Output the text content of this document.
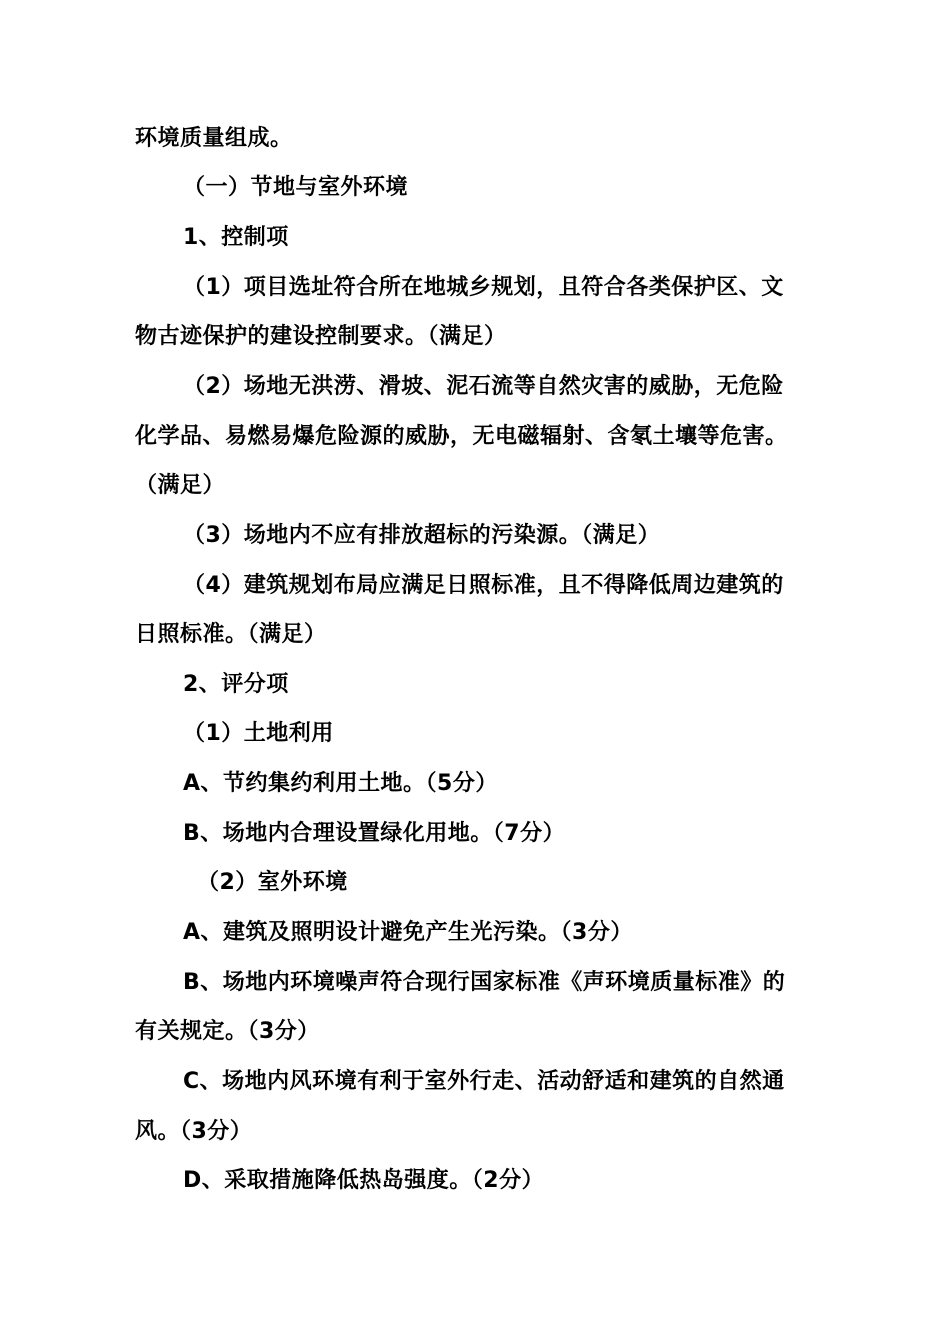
环境质量组成。
（一）节地与室外环境
1、控制项
（1）项目选址符合所在地城乡规划，且符合各类保护区、文
物古迹保护的建设控制要求。（满足）
（2）场地无洪涝、滑坡、泥石流等自然灾害的威胁，无危险
化学品、易燃易爆危险源的威胁，无电磁辐射、含氡土壤等危害。
（满足）
（3）场地内不应有排放超标的污染源。（满足）
（4）建筑规划布局应满足日照标准，且不得降低周边建筑的
日照标准。（满足）
2、评分项
（1）土地利用
A、节约集约利用土地。（5分）
B、场地内合理设置绿化用地。（7分）
（2）室外环境
A、建筑及照明设计避免产生光污染。（3分）
B、场地内环境噪声符合现行国家标准《声环境质量标准》的
有关规定。（3分）
C、场地内风环境有利于室外行走、活动舒适和建筑的自然通
风。（3分）
D、采取措施降低热岛强度。（2分）
